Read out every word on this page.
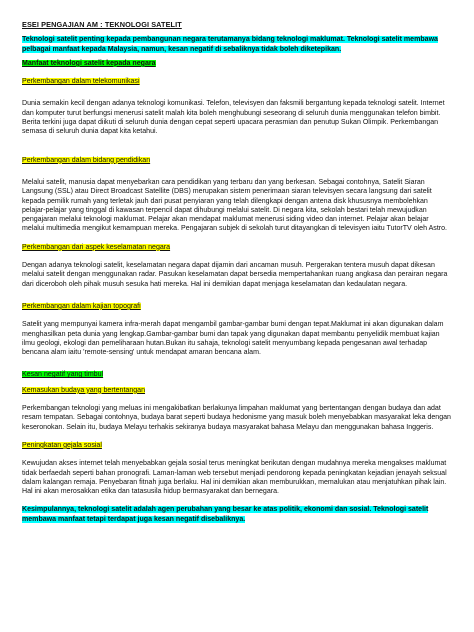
ESEI PENGAJIAN AM : TEKNOLOGI SATELIT
Teknologi satelit penting kepada pembangunan negara terutamanya bidang teknologi maklumat. Teknologi satelit membawa pelbagai manfaat kepada Malaysia, namun, kesan negatif di sebaliknya tidak boleh diketepikan.
Manfaat teknologi satelit kepada negara
Perkembangan dalam telekomunikasi

Dunia semakin kecil dengan adanya teknologi komunikasi. Telefon, televisyen dan faksmili bergantung kepada teknologi satelit. Internet dan komputer turut berfungsi menerusi satelit malah kita boleh menghubungi seseorang di seluruh dunia menggunakan telefon bimbit. Berita terkini juga dapat diikuti di seluruh dunia dengan cepat seperti upacara perasmian dan penutup Sukan Olimpik. Perkembangan semasa di seluruh dunia dapat kita ketahui.

Perkembangan dalam bidang pendidikan

Melalui satelit, manusia dapat menyebarkan cara pendidikan yang terbaru dan yang berkesan. Sebagai contohnya, Satelit Siaran Langsung (SSL) atau Direct Broadcast Satellite (DBS) merupakan sistem penerimaan siaran televisyen secara langsung dari satelit kepada pemilik rumah yang terletak jauh dari pusat penyiaran yang telah dilengkapi dengan antena disk khususnya membolehkan pelajar-pelajar yang tinggal di kawasan terpencil dapat dihubungi melalui satelit. Di negara kita, sekolah bestari telah mewujudkan pengajaran melalui teknologi maklumat. Pelajar akan mendapat maklumat menerusi siding video dan internet. Pelajar akan belajar melalui multimedia mengikut kemampuan mereka. Pengajaran subjek di sekolah turut ditayangkan di televisyen iaitu TutorTV oleh Astro.

Perkembangan dari aspek keselamatan negara

Dengan adanya teknologi satelit, keselamatan negara dapat dijamin dari ancaman musuh. Pergerakan tentera musuh dapat dikesan melalui satelit dengan menggunakan radar. Pasukan keselamatan dapat bersedia mempertahankan ruang angkasa dan perairan negara dari diceroboh oleh pihak musuh sesuka hati mereka. Hal ini demikian dapat menjaga keselamatan dan kedaulatan negara.

Perkembangan dalam kajian topografi

Satelit yang mempunyai kamera infra-merah dapat mengambil gambar-gambar bumi dengan tepat.Maklumat ini akan digunakan dalam menghasilkan peta dunia yang lengkap.Gambar-gambar bumi dan tapak yang digunakan dapat membantu penyelidik membuat kajian ilmu geologi, ekologi dan pemeliharaan hutan.Bukan itu sahaja, teknologi satelit menyumbang kepada pengesanan awal terhadap bencana alam iaitu 'remote-sensing' untuk mendapat amaran bencana alam.

Kesan negatif yang timbul
Kemasukan budaya yang bertentangan

Perkembangan teknologi yang meluas ini mengakibatkan berlakunya limpahan maklumat yang bertentangan dengan budaya dan adat resam tempatan. Sebagai contohnya, budaya barat seperti budaya hedonisme yang masuk boleh menyebabkan masyarakat leka dengan keseronokan. Selain itu, budaya Melayu terhakis sekiranya budaya masyarakat bahasa Melayu dan menggunakan bahasa Inggeris.

Peningkatan gejala sosial

Kewujudan akses internet telah menyebabkan gejala sosial terus meningkat berikutan dengan mudahnya mereka mengakses maklumat tidak berfaedah seperti bahan pronografi. Laman-laman web tersebut menjadi pendorong kepada peningkatan kejadian jenayah seksual dalam kalangan remaja. Penyebaran fitnah juga berlaku. Hal ini demikian akan memburukkan, memalukan atau menjatuhkan pihak lain. Hal ini akan merosakkan etika dan tatasusila hidup bermasyarakat dan bernegara.

Kesimpulannya, teknologi satelit adalah agen perubahan yang besar ke atas politik, ekonomi dan sosial. Teknologi satelit membawa manfaat tetapi terdapat juga kesan negatif disebaliknya.
